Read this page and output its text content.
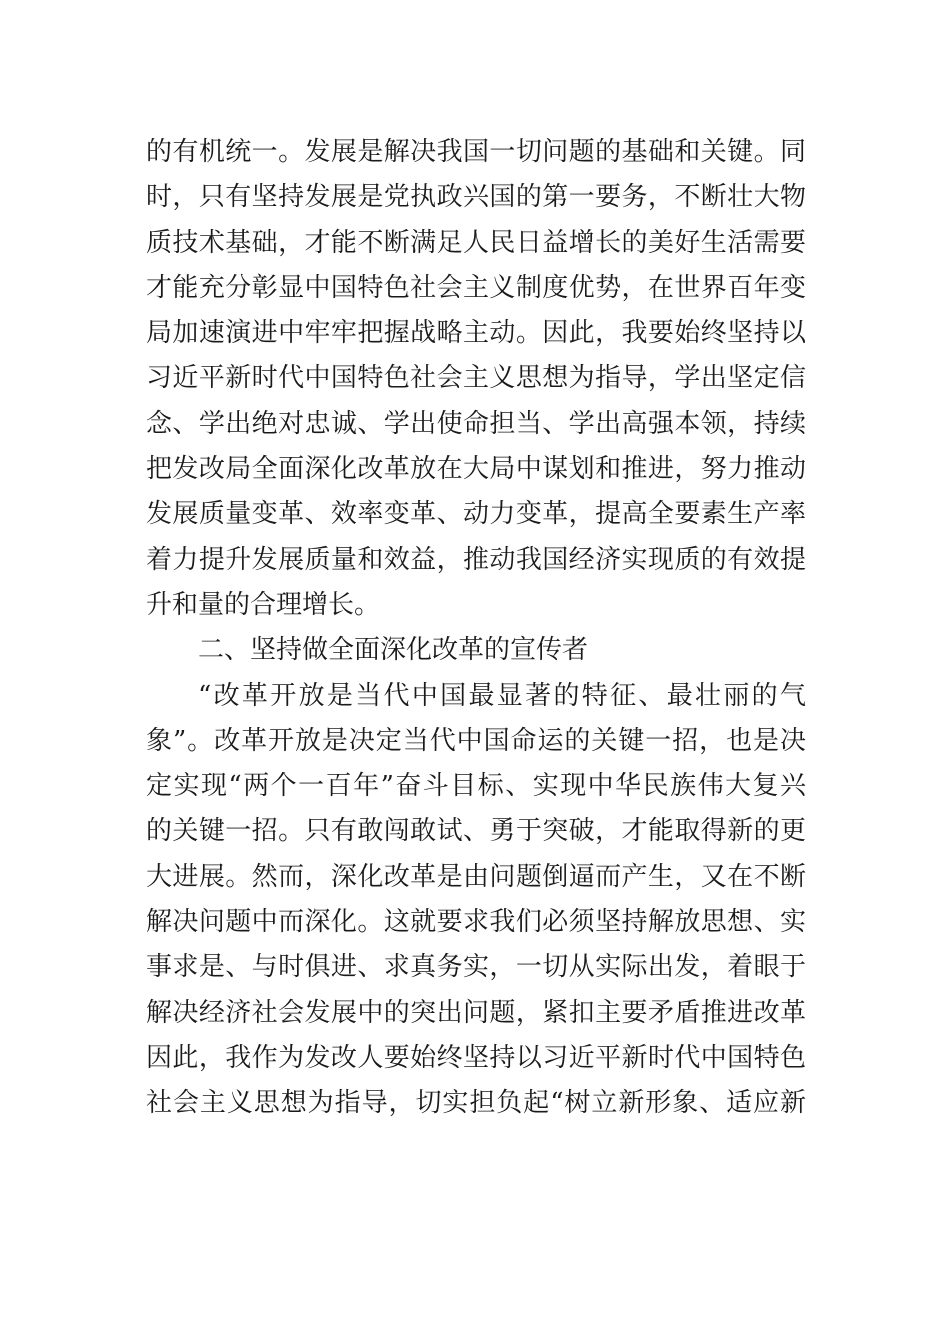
的有机统一。发展是解决我国一切问题的基础和关键。同
时，只有坚持发展是党执政兴国的第一要务，不断壮大物
质技术基础，才能不断满足人民日益增长的美好生活需要
才能充分彰显中国特色社会主义制度优势，在世界百年变
局加速演进中牢牢把握战略主动。因此，我要始终坚持以
习近平新时代中国特色社会主义思想为指导，学出坚定信
念、学出绝对忠诚、学出使命担当、学出高强本领，持续
把发改局全面深化改革放在大局中谋划和推进，努力推动
发展质量变革、效率变革、动力变革，提高全要素生产率
着力提升发展质量和效益，推动我国经济实现质的有效提
升和量的合理增长。
二、坚持做全面深化改革的宣传者
“改革开放是当代中国最显著的特征、最壮丽的气
象”。改革开放是决定当代中国命运的关键一招，也是决
定实现“两个一百年”奋斗目标、实现中华民族伟大复兴
的关键一招。只有敢闯敢试、勇于突破，才能取得新的更
大进展。然而，深化改革是由问题倒逼而产生，又在不断
解决问题中而深化。这就要求我们必须坚持解放思想、实
事求是、与时俱进、求真务实，一切从实际出发，着眼于
解决经济社会发展中的突出问题，紧扣主要矛盾推进改革
因此，我作为发改人要始终坚持以习近平新时代中国特色
社会主义思想为指导，切实担负起“树立新形象、适应新
